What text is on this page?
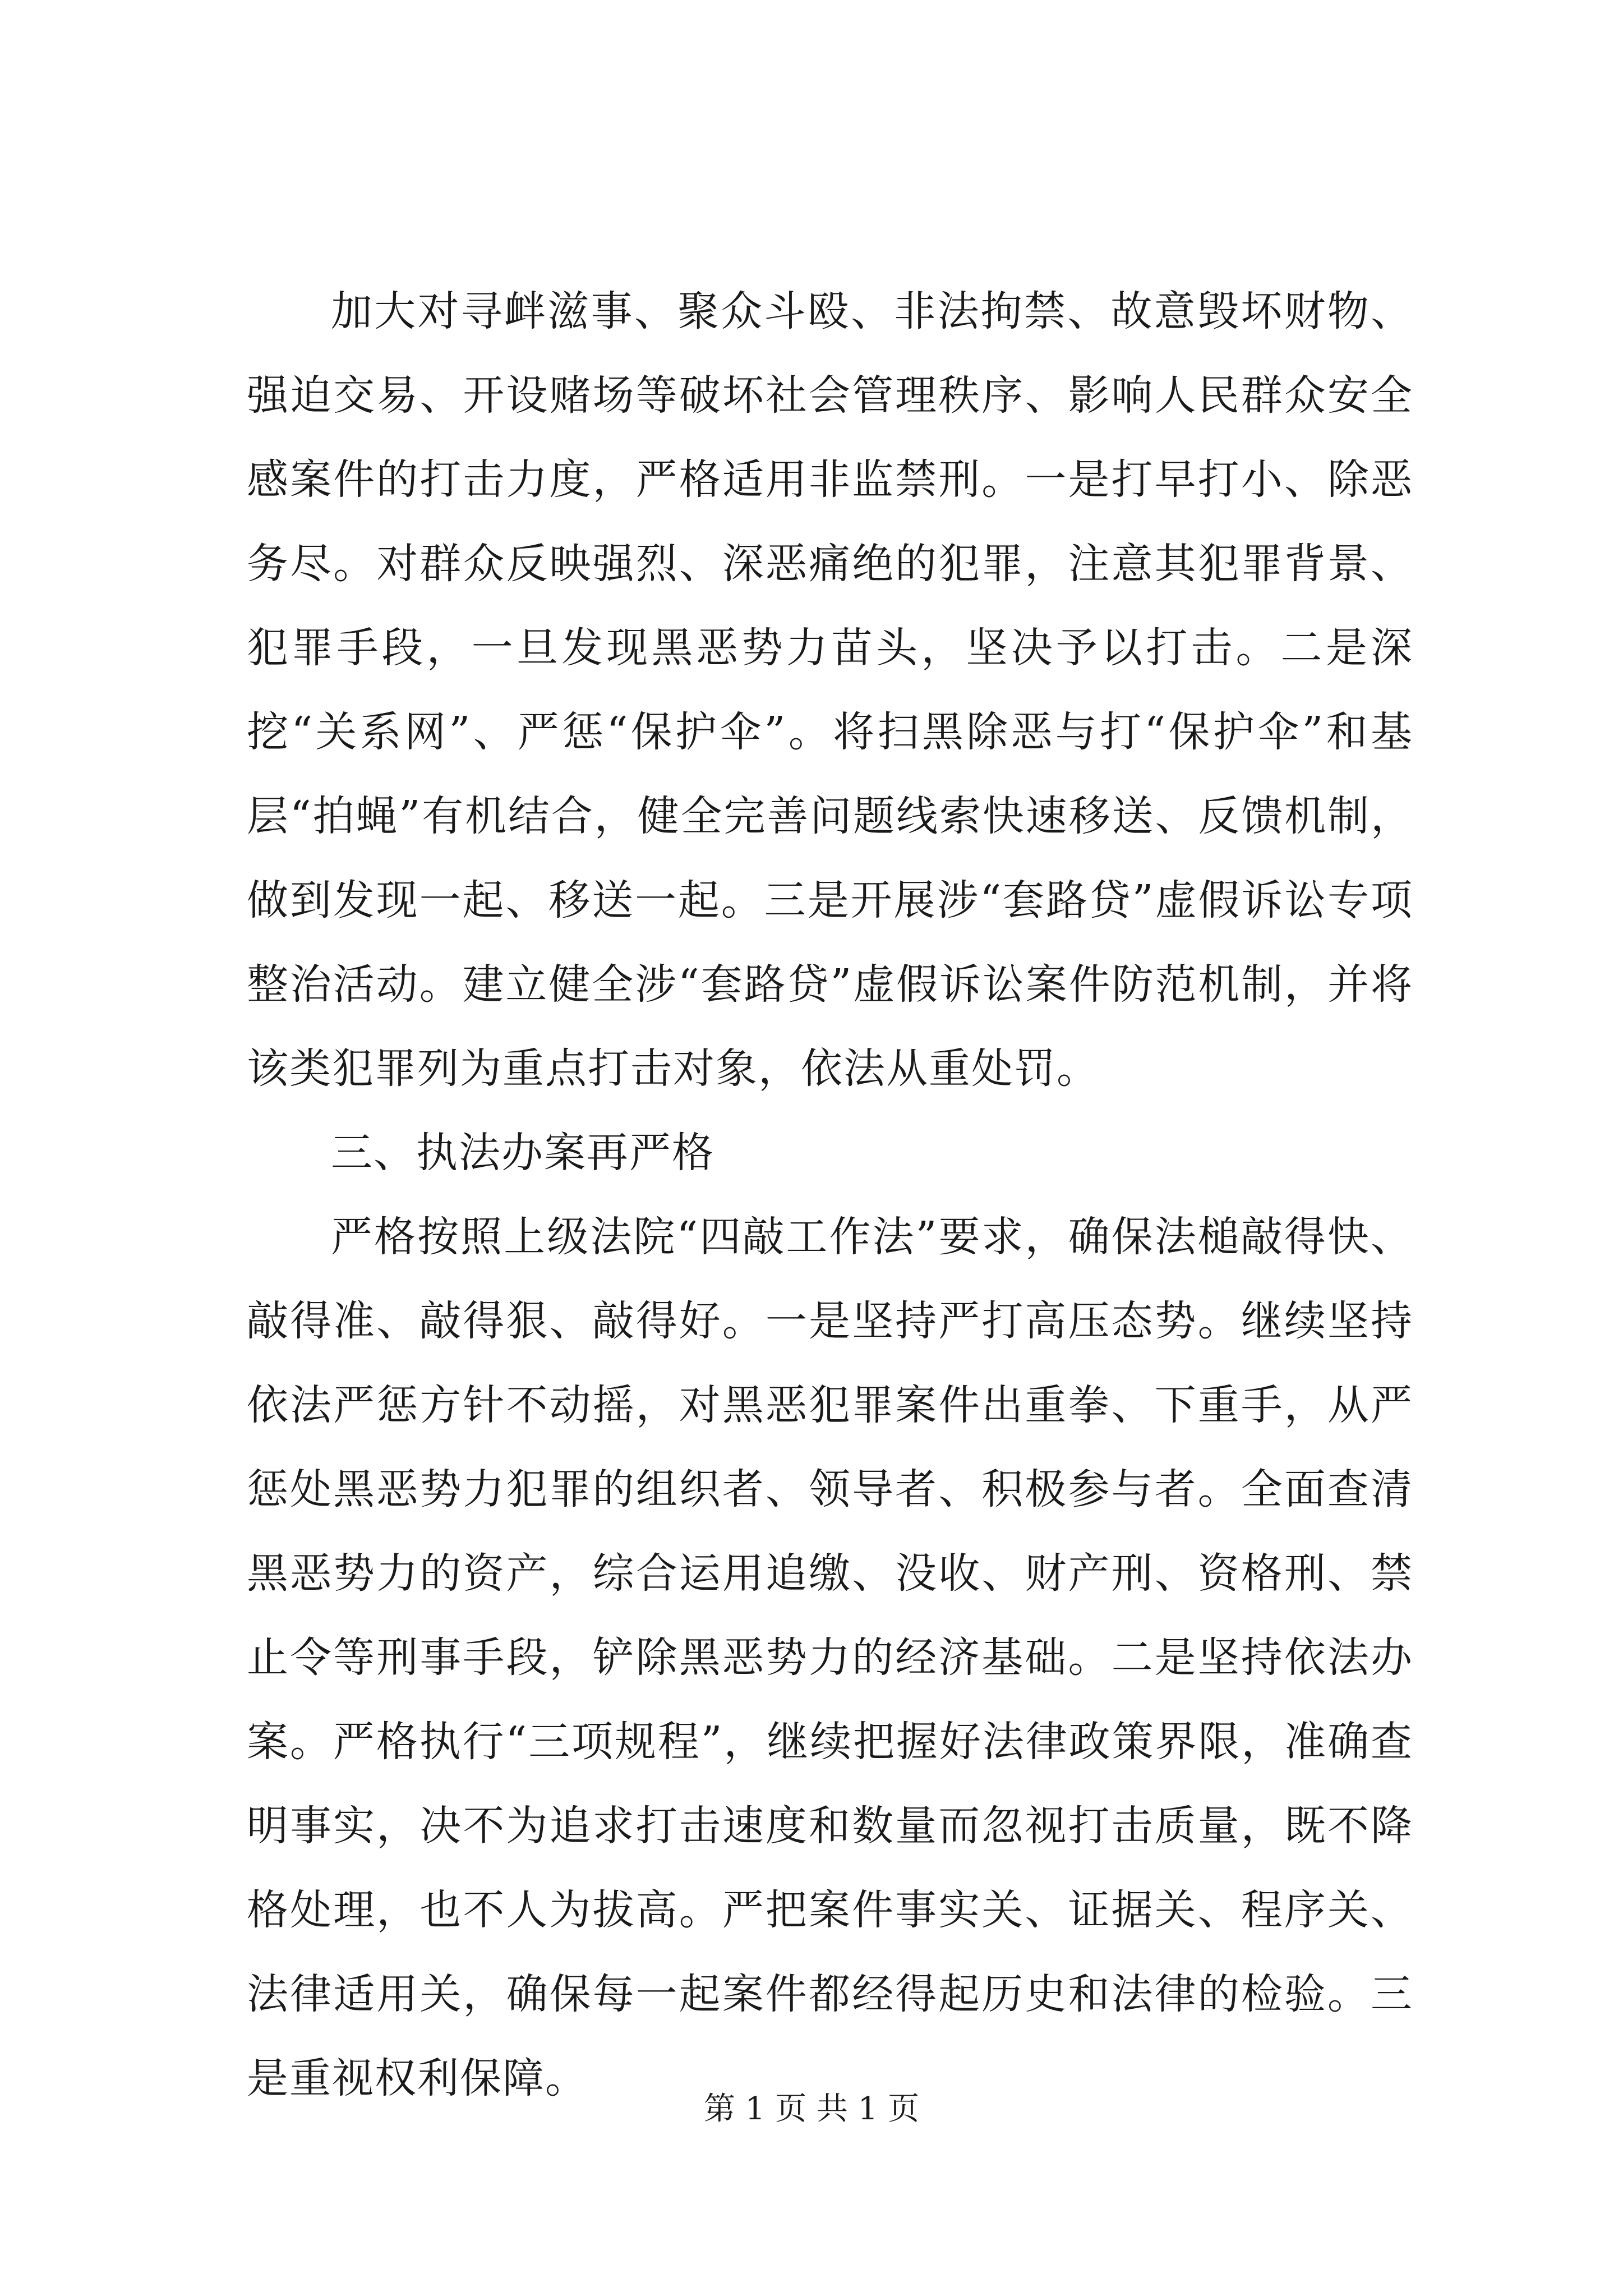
加大对寻衅滋事、聚众斗殴、非法拘禁、故意毁坏财物、强迫交易、开设赌场等破坏社会管理秩序、影响人民群众安全感案件的打击力度，严格适用非监禁刑。一是打早打小、除恶务尽。对群众反映强烈、深恶痛绝的犯罪，注意其犯罪背景、犯罪手段，一旦发现黑恶势力苗头，坚决予以打击。二是深挖“关系网”、严惩“保护伞”。将扫黑除恶与打“保护伞”和基层“拍蝇”有机结合，健全完善问题线索快速移送、反馈机制，做到发现一起、移送一起。三是开展涉“套路贷”虚假诉讼专项整治活动。建立健全涉“套路贷”虚假诉讼案件防范机制，并将该类犯罪列为重点打击对象，依法从重处罚。

三、执法办案再严格

严格按照上级法院“四敲工作法”要求，确保法槌敲得快、敲得准、敲得狠、敲得好。一是坚持严打高压态势。继续坚持依法严惩方针不动摇，对黑恶犯罪案件出重拳、下重手，从严惩处黑恶势力犯罪的组织者、领导者、积极参与者。全面查清黑恶势力的资产，综合运用追缴、没收、财产刑、资格刑、禁止令等刑事手段，铲除黑恶势力的经济基础。二是坚持依法办案。严格执行“三项规程”，继续把握好法律政策界限，准确查明事实，决不为追求打击速度和数量而忽视打击质量，既不降格处理，也不人为拔高。严把案件事实关、证据关、程序关、法律适用关，确保每一起案件都经得起历史和法律的检验。三是重视权利保障。

第 1 页 共 1 页
